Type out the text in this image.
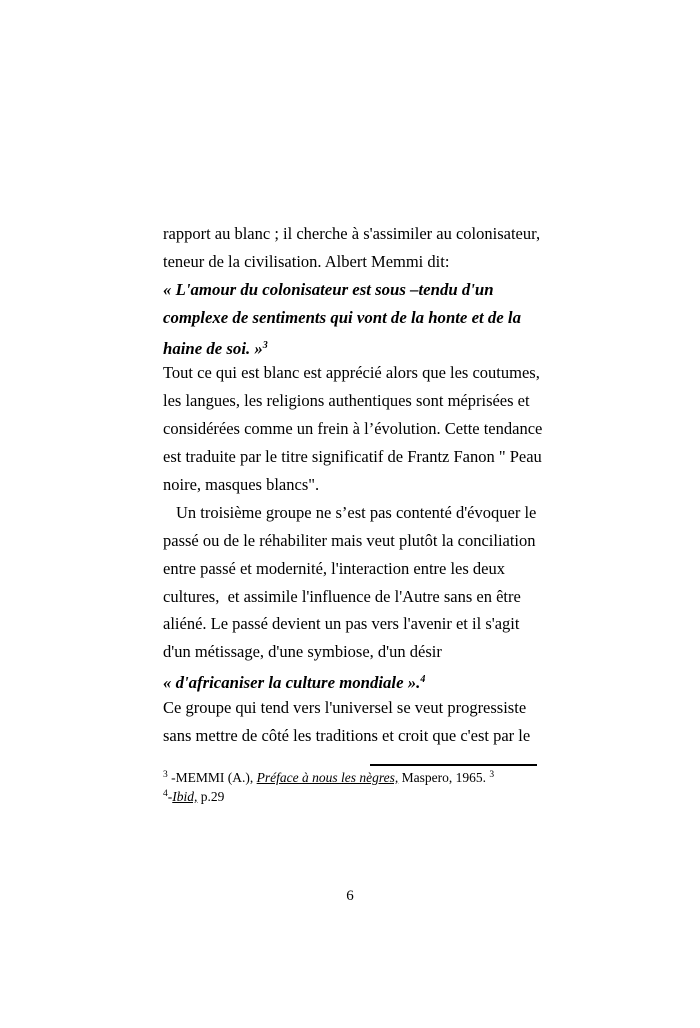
rapport au blanc ; il cherche à s'assimiler au colonisateur,
teneur de la civilisation. Albert Memmi dit:
« L'amour du colonisateur est sous –tendu d'un
complexe de sentiments qui vont de la honte et de la
haine de soi. »$^3$
Tout ce qui est blanc est apprécié alors que les coutumes,
les langues, les religions authentiques sont méprisées et
considérées comme un frein à l’évolution. Cette tendance
est traduite par le titre significatif de Frantz Fanon " Peau
noire, masques blancs".
Un troisième groupe ne s’est pas contenté d'évoquer le
passé ou de le réhabiliter mais veut plutôt la conciliation
entre passé et modernité, l'interaction entre les deux
cultures,  et assimile l'influence de l'Autre sans en être
aliéné. Le passé devient un pas vers l'avenir et il s'agit
d'un métissage, d'une symbiose, d'un désir
« d'africaniser la culture mondiale ».$^4$
Ce groupe qui tend vers l'universel se veut progressiste
sans mettre de côté les traditions et croit que c'est par le
$^3$ -MEMMI (A.), Préface à nous les nègres, Maspero, 1965. $^3$
$^4$-Ibid, p.29
6
